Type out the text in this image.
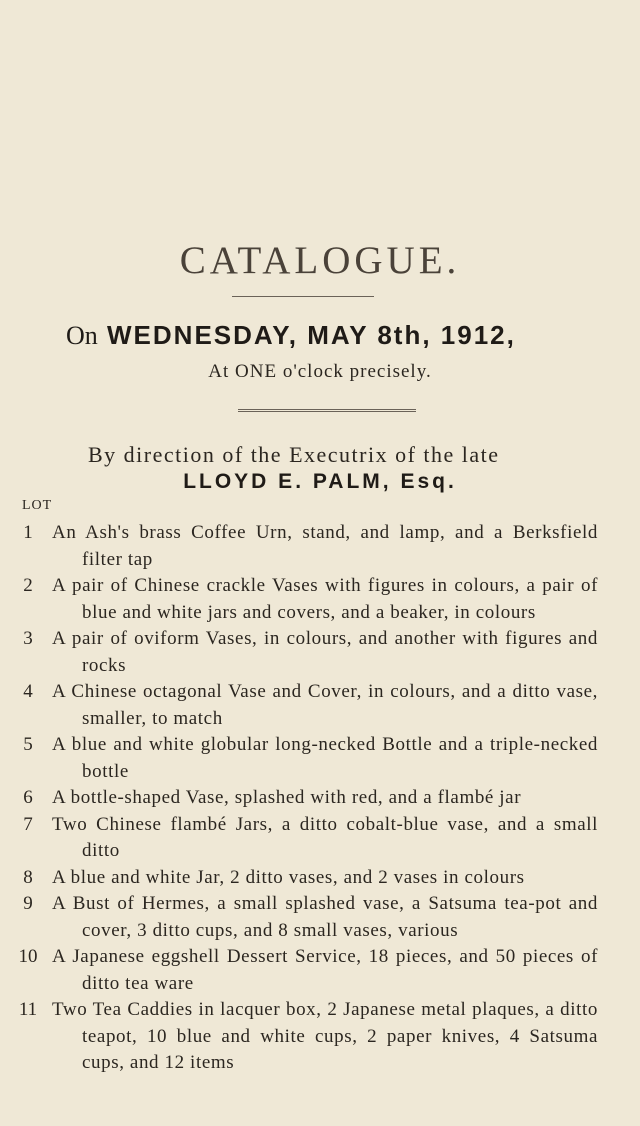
CATALOGUE.
On WEDNESDAY, MAY 8th, 1912,
At ONE o'clock precisely.
By direction of the Executrix of the late
LLOYD E. PALM, Esq.
LOT
1	An Ash's brass Coffee Urn, stand, and lamp, and a Berksfield filter tap
2	A pair of Chinese crackle Vases with figures in colours, a pair of blue and white jars and covers, and a beaker, in colours
3	A pair of oviform Vases, in colours, and another with figures and rocks
4	A Chinese octagonal Vase and Cover, in colours, and a ditto vase, smaller, to match
5	A blue and white globular long-necked Bottle and a triple-necked bottle
6	A bottle-shaped Vase, splashed with red, and a flambé jar
7	Two Chinese flambé Jars, a ditto cobalt-blue vase, and a small ditto
8	A blue and white Jar, 2 ditto vases, and 2 vases in colours
9	A Bust of Hermes, a small splashed vase, a Satsuma tea-pot and cover, 3 ditto cups, and 8 small vases, various
10 A Japanese eggshell Dessert Service, 18 pieces, and 50 pieces of ditto tea ware
11 Two Tea Caddies in lacquer box, 2 Japanese metal plaques, a ditto teapot, 10 blue and white cups, 2 paper knives, 4 Satsuma cups, and 12 items
